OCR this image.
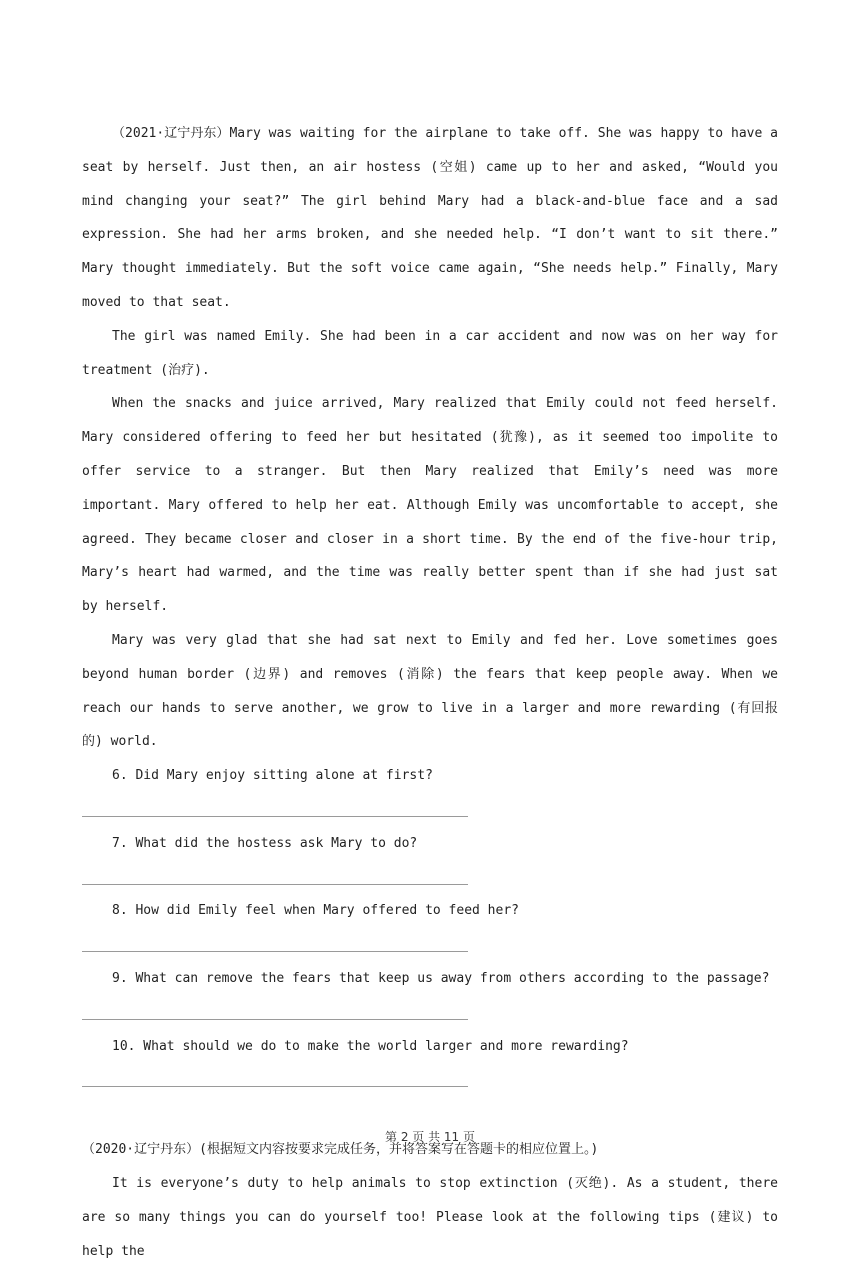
（2021·辽宁丹东）Mary was waiting for the airplane to take off. She was happy to have a seat by herself. Just then, an air hostess (空姐) came up to her and asked, “Would you mind changing your seat?” The girl behind Mary had a black-and-blue face and a sad expression. She had her arms broken, and she needed help. “I don’t want to sit there.” Mary thought immediately. But the soft voice came again, “She needs help.” Finally, Mary moved to that seat.

The girl was named Emily. She had been in a car accident and now was on her way for treatment (治疗).

When the snacks and juice arrived, Mary realized that Emily could not feed herself. Mary considered offering to feed her but hesitated (犹豫), as it seemed too impolite to offer service to a stranger. But then Mary realized that Emily’s need was more important. Mary offered to help her eat. Although Emily was uncomfortable to accept, she agreed. They became closer and closer in a short time. By the end of the five-hour trip, Mary’s heart had warmed, and the time was really better spent than if she had just sat by herself.

Mary was very glad that she had sat next to Emily and fed her. Love sometimes goes beyond human border (边界) and removes (消除) the fears that keep people away. When we reach our hands to serve another, we grow to live in a larger and more rewarding (有回报的) world.

6. Did Mary enjoy sitting alone at first?

7. What did the hostess ask Mary to do?

8. How did Emily feel when Mary offered to feed her?

9. What can remove the fears that keep us away from others according to the passage?

10. What should we do to make the world larger and more rewarding?

（2020·辽宁丹东）(根据短文内容按要求完成任务，并将答案写在答题卡的相应位置上。)

It is everyone’s duty to help animals to stop extinction (灭绝). As a student, there are so many things you can do yourself too! Please look at the following tips (建议) to help the

第 2 页 共 11 页
